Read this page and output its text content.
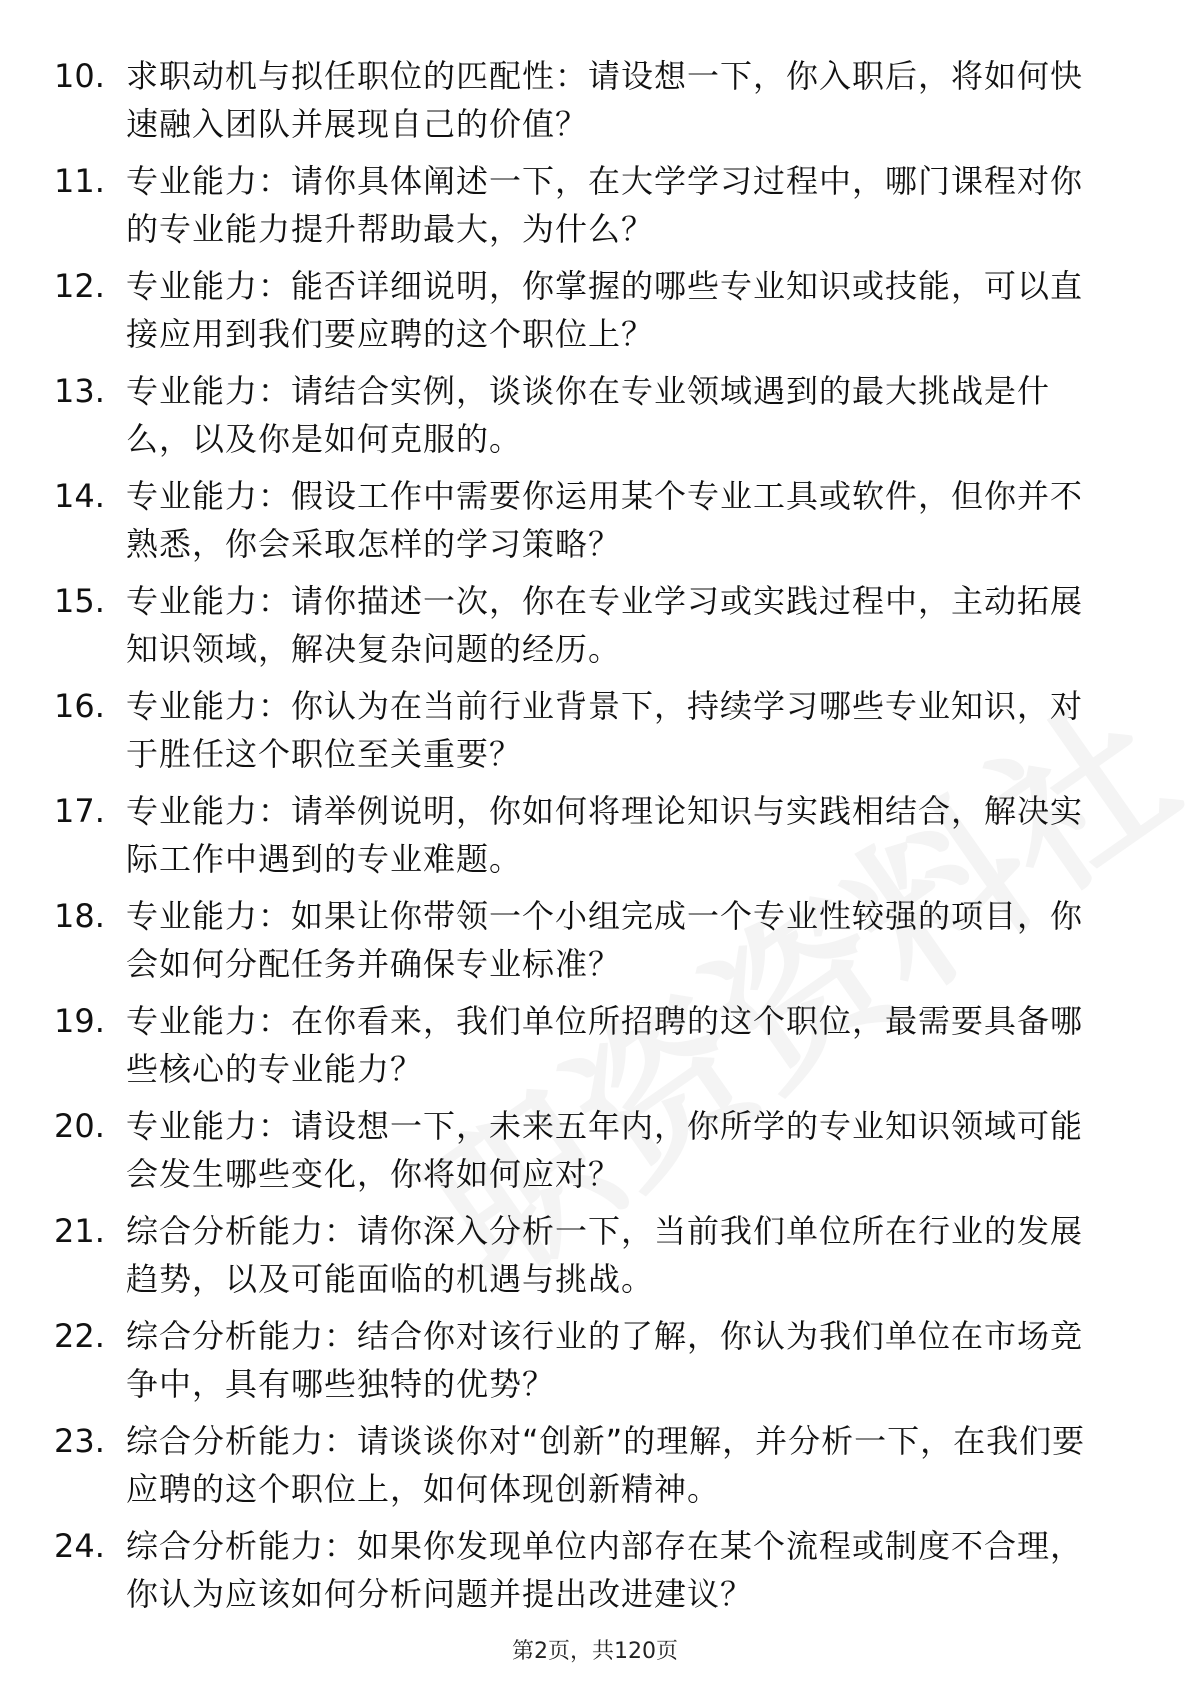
10. 求职动机与拟任职位的匹配性：请设想一下，你入职后，将如何快速融入团队并展现自己的价值？
11. 专业能力：请你具体阐述一下，在大学学习过程中，哪门课程对你的专业能力提升帮助最大，为什么？
12. 专业能力：能否详细说明，你掌握的哪些专业知识或技能，可以直接应用到我们要应聘的这个职位上？
13. 专业能力：请结合实例，谈谈你在专业领域遇到的最大挑战是什么，以及你是如何克服的。
14. 专业能力：假设工作中需要你运用某个专业工具或软件，但你并不熟悉，你会采取怎样的学习策略？
15. 专业能力：请你描述一次，你在专业学习或实践过程中，主动拓展知识领域，解决复杂问题的经历。
16. 专业能力：你认为在当前行业背景下，持续学习哪些专业知识，对于胜任这个职位至关重要？
17. 专业能力：请举例说明，你如何将理论知识与实践相结合，解决实际工作中遇到的专业难题。
18. 专业能力：如果让你带领一个小组完成一个专业性较强的项目，你会如何分配任务并确保专业标准？
19. 专业能力：在你看来，我们单位所招聘的这个职位，最需要具备哪些核心的专业能力？
20. 专业能力：请设想一下，未来五年内，你所学的专业知识领域可能会发生哪些变化，你将如何应对？
21. 综合分析能力：请你深入分析一下，当前我们单位所在行业的发展趋势，以及可能面临的机遇与挑战。
22. 综合分析能力：结合你对该行业的了解，你认为我们单位在市场竞争中，具有哪些独特的优势？
23. 综合分析能力：请谈谈你对“创新”的理解，并分析一下，在我们要应聘的这个职位上，如何体现创新精神。
24. 综合分析能力：如果你发现单位内部存在某个流程或制度不合理，你认为应该如何分析问题并提出改进建议？
第2页，共120页
